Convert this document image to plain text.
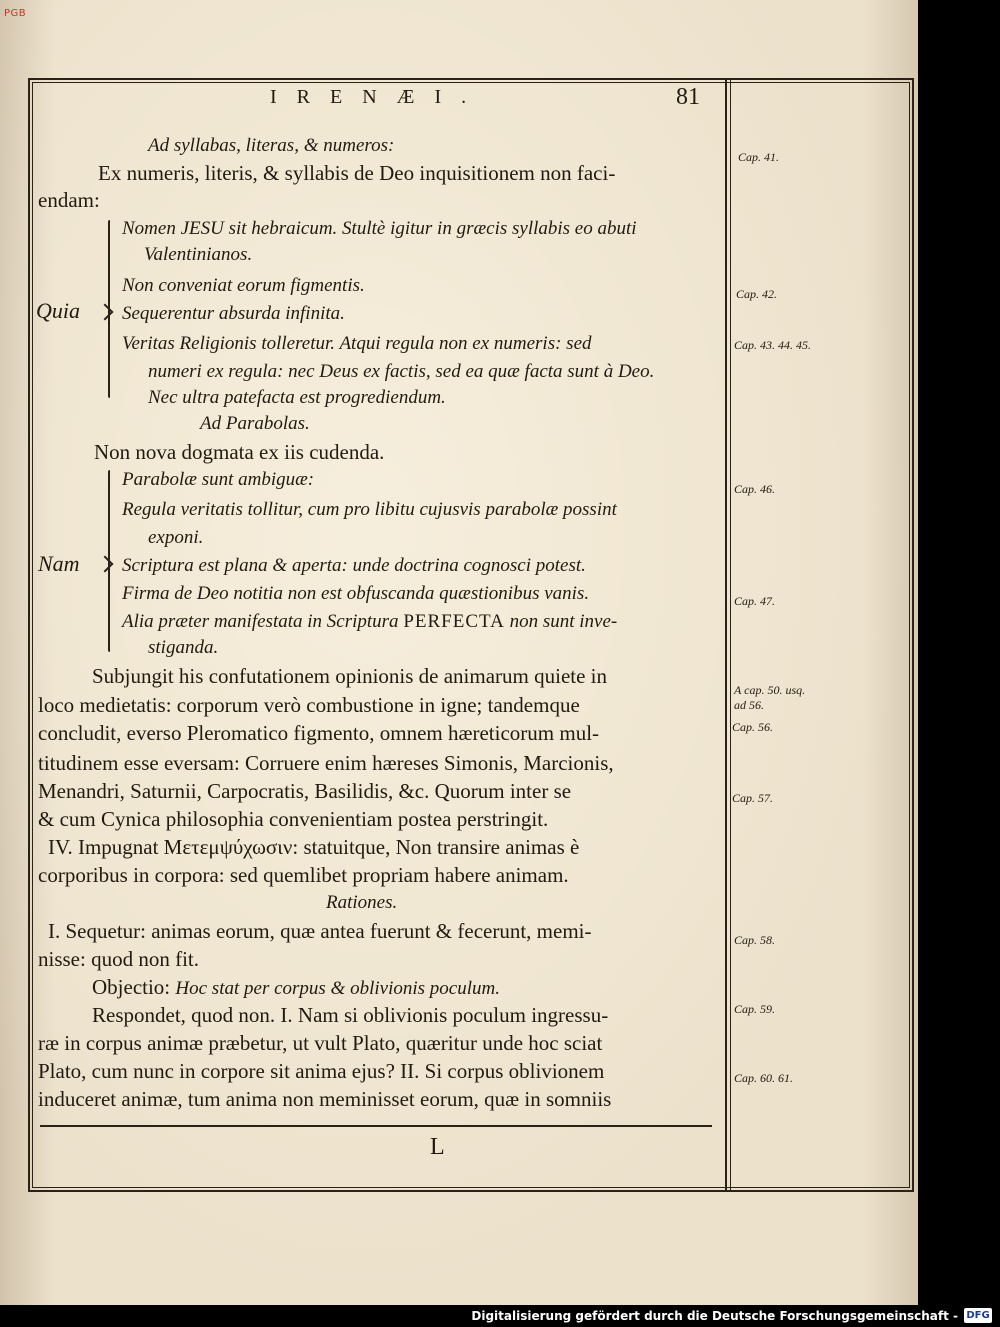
PGB
IRENÆI.	81
Ad syllabas, literas, & numeros:
Ex numeris, literis, & syllabis de Deo inquisitionem non faci-
endam:
Quia
Nomen JESU sit hebraicum. Stultè igitur in græcis syllabis eo abuti
Valentinianos.
Non conveniat eorum figmentis.
Sequerentur absurda infinita.
Veritas Religionis tolleretur. Atqui regula non ex numeris: sed
numeri ex regula: nec Deus ex factis, sed ea quæ facta sunt à Deo.
Nec ultra patefacta est progrediendum.
Ad Parabolas.
Non nova dogmata ex iis cudenda.
Nam
Parabolæ sunt ambiguæ:
Regula veritatis tollitur, cum pro libitu cujusvis parabolæ possint
exponi.
Scriptura est plana & aperta: unde doctrina cognosci potest.
Firma de Deo notitia non est obfuscanda quæstionibus vanis.
Alia præter manifestata in Scriptura PERFECTA non sunt inve-
stiganda.
Subjungit his confutationem opinionis de animarum quiete in
loco medietatis: corporum verò combustione in igne; tandemque
concludit, everso Pleromatico figmento, omnem hæreticorum mul-
titudinem esse eversam: Corruere enim hæreses Simonis, Marcionis,
Menandri, Saturnii, Carpocratis, Basilidis, &c. Quorum inter se
& cum Cynica philosophia convenientiam postea perstringit.
IV. Impugnat Μετεμψύχωσιν: statuitque, Non transire animas è
corporibus in corpora: sed quemlibet propriam habere animam.
Rationes.
I. Sequetur: animas eorum, quæ antea fuerunt & fecerunt, memi-
nisse: quod non fit.
Objectio: Hoc stat per corpus & oblivionis poculum.
Respondet, quod non. I. Nam si oblivionis poculum ingressu-
ræ in corpus animæ præbetur, ut vult Plato, quæritur unde hoc sciat
Plato, cum nunc in corpore sit anima ejus? II. Si corpus oblivionem
induceret animæ, tum anima non meminisset eorum, quæ in somniis
L
Cap. 41.
Cap. 42.
Cap. 43. 44. 45.
Cap. 46.
Cap. 47.
A cap. 50. usq.
ad 56.
Cap. 56.
Cap. 57.
Cap. 58.
Cap. 59.
Cap. 60. 61.
Digitalisierung gefördert durch die Deutsche Forschungsgemeinschaft - DFG
